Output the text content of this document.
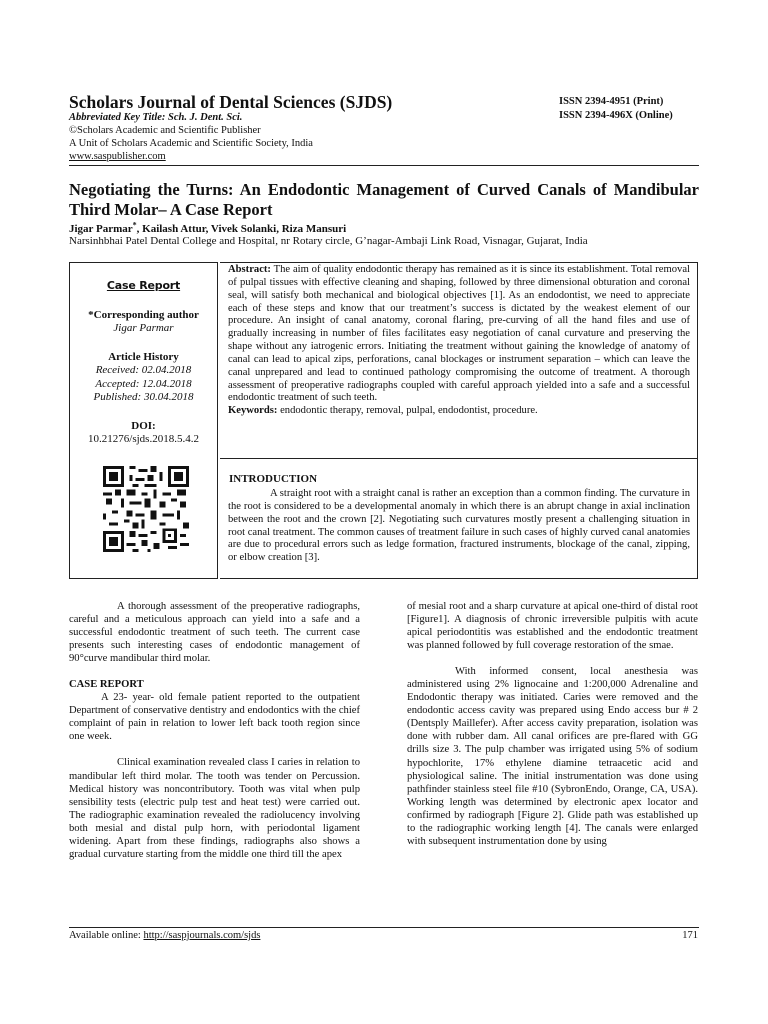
Scholars Journal of Dental Sciences (SJDS)	ISSN 2394-4951 (Print)
ISSN 2394-496X (Online)
Abbreviated Key Title: Sch. J. Dent. Sci.
©Scholars Academic and Scientific Publisher
A Unit of Scholars Academic and Scientific Society, India
www.saspublisher.com
Negotiating the Turns: An Endodontic Management of Curved Canals of Mandibular Third Molar– A Case Report
Jigar Parmar*, Kailash Attur, Vivek Solanki, Riza Mansuri
Narsinhbhai Patel Dental College and Hospital, nr Rotary circle, G’nagar-Ambaji Link Road, Visnagar, Gujarat, India
Case Report
*Corresponding author
Jigar Parmar
Article History
Received: 02.04.2018
Accepted: 12.04.2018
Published: 30.04.2018
DOI:
10.21276/sjds.2018.5.4.2
Abstract: The aim of quality endodontic therapy has remained as it is since its establishment. Total removal of pulpal tissues with effective cleaning and shaping, followed by three dimensional obturation and coronal seal, will satisfy both mechanical and biological objectives [1]. As an endodontist, we need to appreciate each of these steps and know that our treatment’s success is dictated by the weakest element of our procedure. An insight of canal anatomy, coronal flaring, pre-curving of all the hand files and use of gradually increasing in number of files facilitates easy negotiation of canal curvature and preserving the shape without any iatrogenic errors. Initiating the treatment without gaining the knowledge of anatomy of canal can lead to apical zips, perforations, canal blockages or instrument separation – which can leave the canal unprepared and lead to continued pathology compromising the outcome of treatment. A thorough assessment of preoperative radiographs coupled with careful approach yielded into a safe and a successful endodontic treatment of such teeth.
Keywords: endodontic therapy, removal, pulpal, endodontist, procedure.
INTRODUCTION
A straight root with a straight canal is rather an exception than a common finding. The curvature in the root is considered to be a developmental anomaly in which there is an abrupt change in axial inclination between the root and the crown [2]. Negotiating such curvatures mostly present a challenging situation in root canal treatment. The common causes of treatment failure in such cases of highly curved canal anatomies are due to procedural errors such as ledge formation, fractured instruments, blockage of the canal, zipping, or elbow creation [3].

A thorough assessment of the preoperative radiographs, careful and a meticulous approach can yield into a safe and a successful endodontic treatment of such teeth. The current case presents such interesting cases of endodontic management of 90°curve mandibular third molar.

CASE REPORT

A 23- year- old female patient reported to the outpatient Department of conservative dentistry and endodontics with the chief complaint of pain in relation to lower left back tooth region since one week.

Clinical examination revealed class I caries in relation to mandibular left third molar. The tooth was tender on Percussion. Medical history was noncontributory. Tooth was vital when pulp sensibility tests (electric pulp test and heat test) were carried out. The radiographic examination revealed the radiolucency involving both mesial and distal pulp horn, with periodontal ligament widening. Apart from these findings, radiographs also shows a gradual curvature starting from the middle one third till the apex

of mesial root and a sharp curvature at apical one-third of distal root [Figure1]. A diagnosis of chronic irreversible pulpitis with acute apical periodontitis was established and the endodontic treatment was planned followed by full coverage restoration of the smae.

With informed consent, local anesthesia was administered using 2% lignocaine and 1:200,000 Adrenaline and Endodontic therapy was initiated. Caries were removed and the endodontic access cavity was prepared using Endo access bur # 2 (Dentsply Maillefer). After access cavity preparation, isolation was done with rubber dam. All canal orifices are pre-flared with GG drills size 3. The pulp chamber was irrigated using 5% of sodium hypochlorite, 17% ethylene diamine tetraacetic acid and physiological saline. The initial instrumentation was done using pathfinder stainless steel file #10 (SybronEndo, Orange, CA, USA). Working length was determined by electronic apex locator and confirmed by radiograph [Figure 2]. Glide path was established up to the radiographic working length [4]. The canals were enlarged with subsequent instrumentation done by using

Available online: http://saspjournals.com/sjds	171
